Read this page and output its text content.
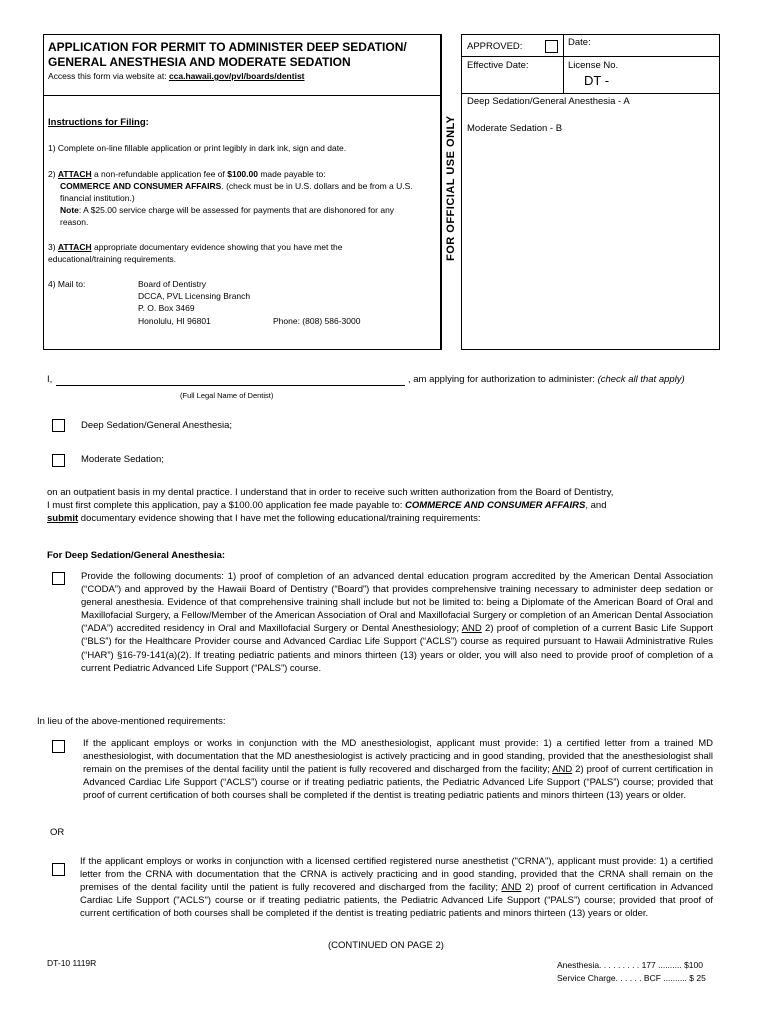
APPLICATION FOR PERMIT TO ADMINISTER DEEP SEDATION/
GENERAL ANESTHESIA AND MODERATE SEDATION
Access this form via website at: cca.hawaii.gov/pvl/boards/dentist
FOR OFFICIAL USE ONLY
APPROVED:	Date:
Effective Date:	License No.
DT -
Deep Sedation/General Anesthesia - A
Moderate Sedation - B
Instructions for Filing:
1) Complete on-line fillable application or print legibly in dark ink, sign and date.
2) ATTACH a non-refundable application fee of $100.00 made payable to:
COMMERCE AND CONSUMER AFFAIRS. (check must be in U.S. dollars and be from a U.S. financial institution.)
Note: A $25.00 service charge will be assessed for payments that are dishonored for any reason.
3) ATTACH appropriate documentary evidence showing that you have met the educational/training requirements.
4) Mail to:	Board of Dentistry
DCCA, PVL Licensing Branch
P. O. Box 3469
Honolulu, HI 96801	Phone: (808) 586-3000
I,	, am applying for authorization to administer: (check all that apply)
(Full Legal Name of Dentist)
Deep Sedation/General Anesthesia;
Moderate Sedation;
on an outpatient basis in my dental practice. I understand that in order to receive such written authorization from the Board of Dentistry,
I must first complete this application, pay a $100.00 application fee made payable to: COMMERCE AND CONSUMER AFFAIRS, and
submit documentary evidence showing that I have met the following educational/training requirements:
For Deep Sedation/General Anesthesia:
Provide the following documents: 1) proof of completion of an advanced dental education program accredited by the American Dental Association (“CODA”) and approved by the Hawaii Board of Dentistry (“Board”) that provides comprehensive training necessary to administer deep sedation or general anesthesia. Evidence of that comprehensive training shall include but not be limited to: being a Diplomate of the American Board of Oral and Maxillofacial Surgery, a Fellow/Member of the American Association of Oral and Maxillofacial Surgery or completion of an American Dental Association (“ADA”) accredited residency in Oral and Maxillofacial Surgery or Dental Anesthesiology; AND 2) proof of completion of a current Basic Life Support (“BLS”) for the Healthcare Provider course and Advanced Cardiac Life Support (“ACLS”) course as required pursuant to Hawaii Administrative Rules (“HAR”) §16-79-141(a)(2). If treating pediatric patients and minors thirteen (13) years or older, you will also need to provide proof of completion of a current Pediatric Advanced Life Support (“PALS”) course.
In lieu of the above-mentioned requirements:
If the applicant employs or works in conjunction with the MD anesthesiologist, applicant must provide: 1) a certified letter from a trained MD anesthesiologist, with documentation that the MD anesthesiologist is actively practicing and in good standing, provided that the anesthesiologist shall remain on the premises of the dental facility until the patient is fully recovered and discharged from the facility; AND 2) proof of current certification in Advanced Cardiac Life Support (“ACLS”) course or if treating pediatric patients, the Pediatric Advanced Life Support (“PALS”) course; provided that proof of current certification of both courses shall be completed if the dentist is treating pediatric patients and minors thirteen (13) years or older.
OR
If the applicant employs or works in conjunction with a licensed certified registered nurse anesthetist ("CRNA"), applicant must provide: 1) a certified letter from the CRNA with documentation that the CRNA is actively practicing and in good standing, provided that the CRNA shall remain on the premises of the dental facility until the patient is fully recovered and discharged from the facility; AND 2) proof of current certification in Advanced Cardiac Life Support ("ACLS") course or if treating pediatric patients, the Pediatric Advanced Life Support (“PALS”) course; provided that proof of current certification of both courses shall be completed if the dentist is treating pediatric patients and minors thirteen (13) years or older.
(CONTINUED ON PAGE 2)
DT-10 1119R	Anesthesia. . . . . . . . . 177 .......... $100
Service Charge. . . . . . BCF .......... $ 25
